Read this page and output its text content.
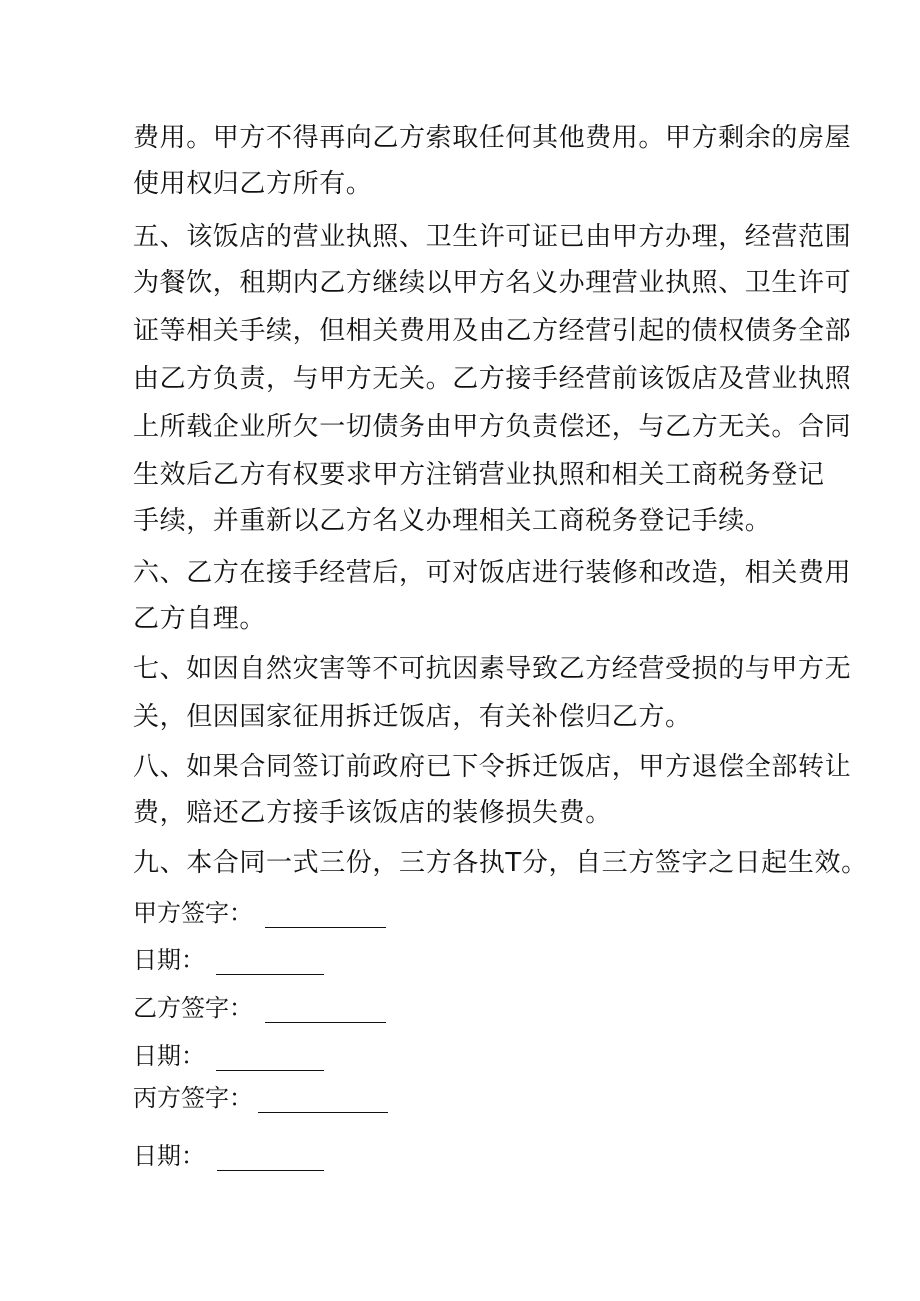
费用。甲方不得再向乙方索取任何其他费用。甲方剩余的房屋
使用权归乙方所有。
五、该饭店的营业执照、卫生许可证已由甲方办理，经营范围
为餐饮，租期内乙方继续以甲方名义办理营业执照、卫生许可
证等相关手续，但相关费用及由乙方经营引起的债权债务全部
由乙方负责，与甲方无关。乙方接手经营前该饭店及营业执照
上所载企业所欠一切债务由甲方负责偿还，与乙方无关。合同
生效后乙方有权要求甲方注销营业执照和相关工商税务登记
手续，并重新以乙方名义办理相关工商税务登记手续。
六、乙方在接手经营后，可对饭店进行装修和改造，相关费用
乙方自理。
七、如因自然灾害等不可抗因素导致乙方经营受损的与甲方无
关，但因国家征用拆迁饭店，有关补偿归乙方。
八、如果合同签订前政府已下令拆迁饭店，甲方退偿全部转让
费，赔还乙方接手该饭店的装修损失费。
九、本合同一式三份，三方各执T分，自三方签字之日起生效。
甲方签字：
日期：
乙方签字：
日期：
丙方签字：
日期：
